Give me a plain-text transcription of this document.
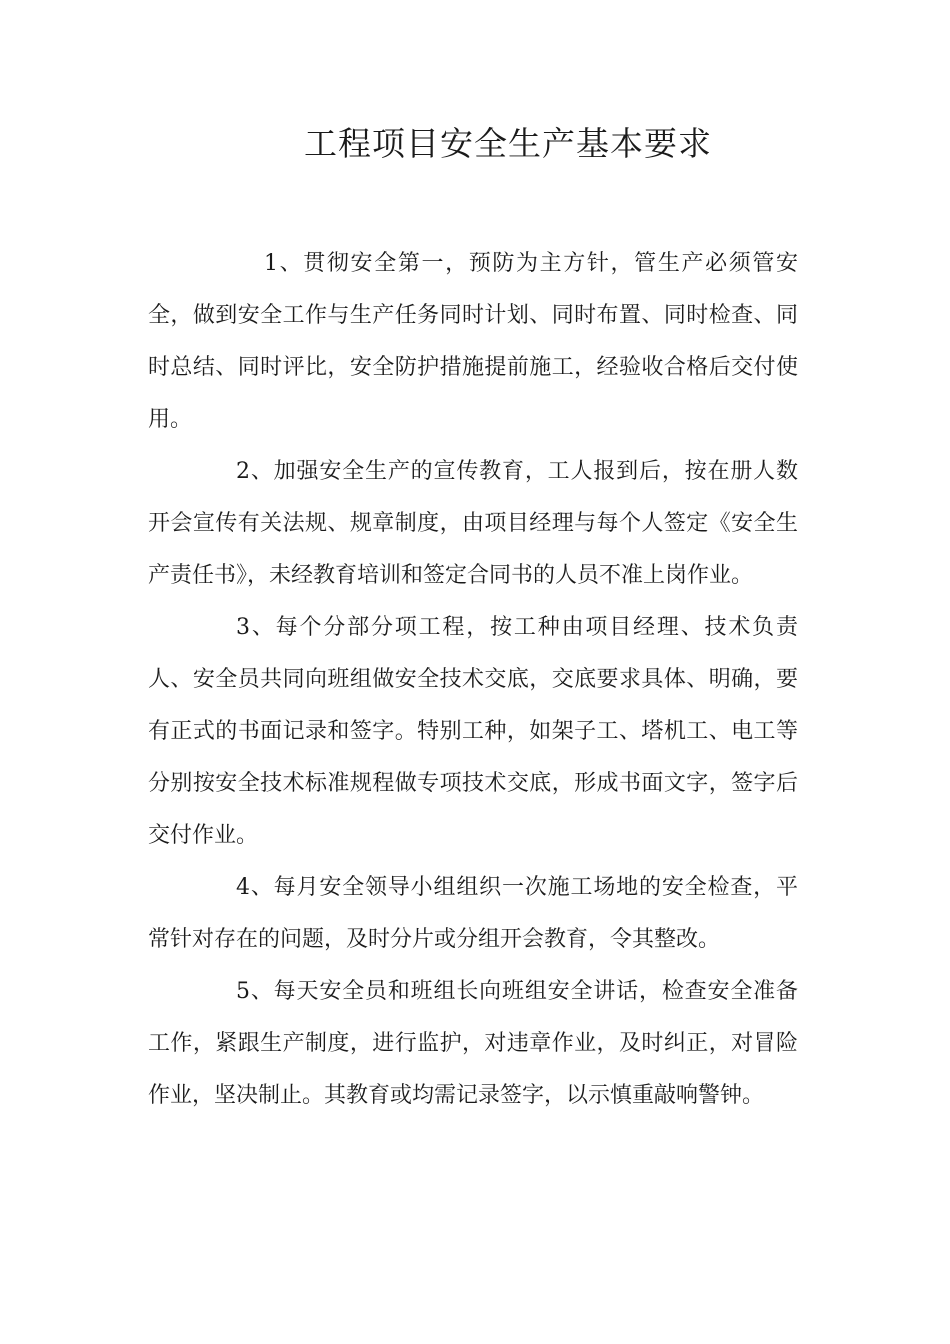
工程项目安全生产基本要求

1、贯彻安全第一，预防为主方针，管生产必须管安全，做到安全工作与生产任务同时计划、同时布置、同时检查、同时总结、同时评比，安全防护措施提前施工，经验收合格后交付使用。

2、加强安全生产的宣传教育，工人报到后，按在册人数开会宣传有关法规、规章制度，由项目经理与每个人签定《安全生产责任书》，未经教育培训和签定合同书的人员不准上岗作业。

3、每个分部分项工程，按工种由项目经理、技术负责人、安全员共同向班组做安全技术交底，交底要求具体、明确，要有正式的书面记录和签字。特别工种，如架子工、塔机工、电工等分别按安全技术标准规程做专项技术交底，形成书面文字，签字后交付作业。

4、每月安全领导小组组织一次施工场地的安全检查，平常针对存在的问题，及时分片或分组开会教育，令其整改。

5、每天安全员和班组长向班组安全讲话，检查安全准备工作，紧跟生产制度，进行监护，对违章作业，及时纠正，对冒险作业，坚决制止。其教育或均需记录签字，以示慎重敲响警钟。
